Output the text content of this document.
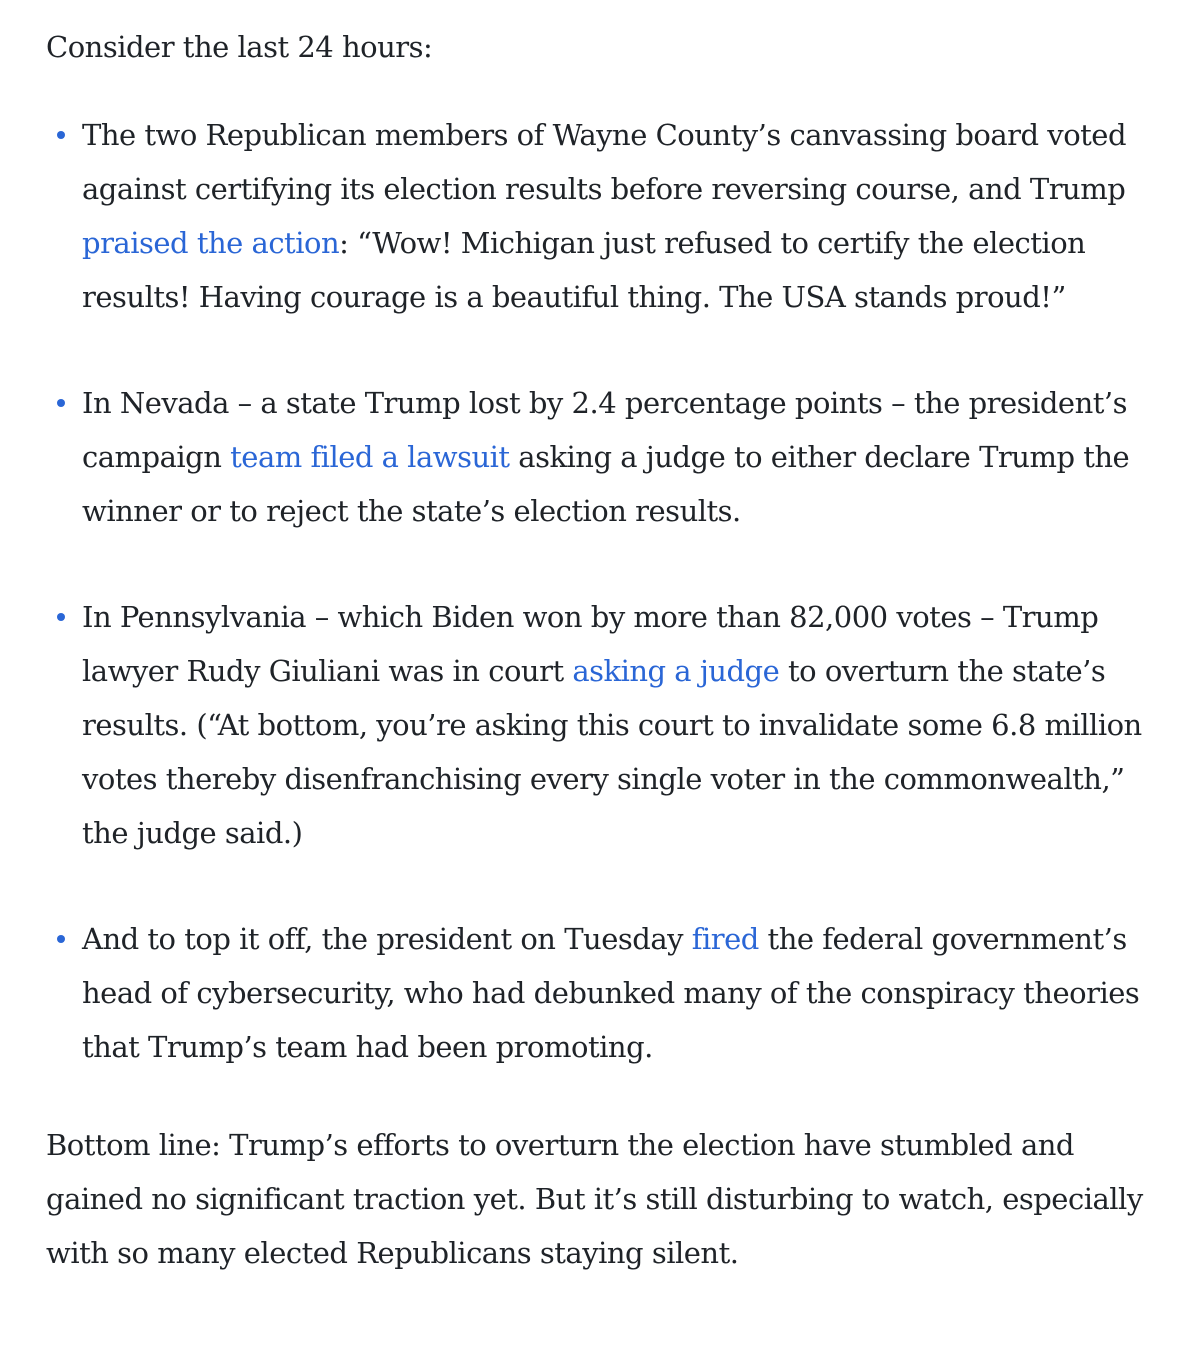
Consider the last 24 hours:

The two Republican members of Wayne County’s canvassing board voted against certifying its election results before reversing course, and Trump praised the action: “Wow! Michigan just refused to certify the election results! Having courage is a beautiful thing. The USA stands proud!”
In Nevada – a state Trump lost by 2.4 percentage points – the president’s campaign team filed a lawsuit asking a judge to either declare Trump the winner or to reject the state’s election results.
In Pennsylvania – which Biden won by more than 82,000 votes – Trump lawyer Rudy Giuliani was in court asking a judge to overturn the state’s results. (“At bottom, you’re asking this court to invalidate some 6.8 million votes thereby disenfranchising every single voter in the commonwealth,” the judge said.)
And to top it off, the president on Tuesday fired the federal government’s head of cybersecurity, who had debunked many of the conspiracy theories that Trump’s team had been promoting.

Bottom line: Trump’s efforts to overturn the election have stumbled and gained no significant traction yet. But it’s still disturbing to watch, especially with so many elected Republicans staying silent.
